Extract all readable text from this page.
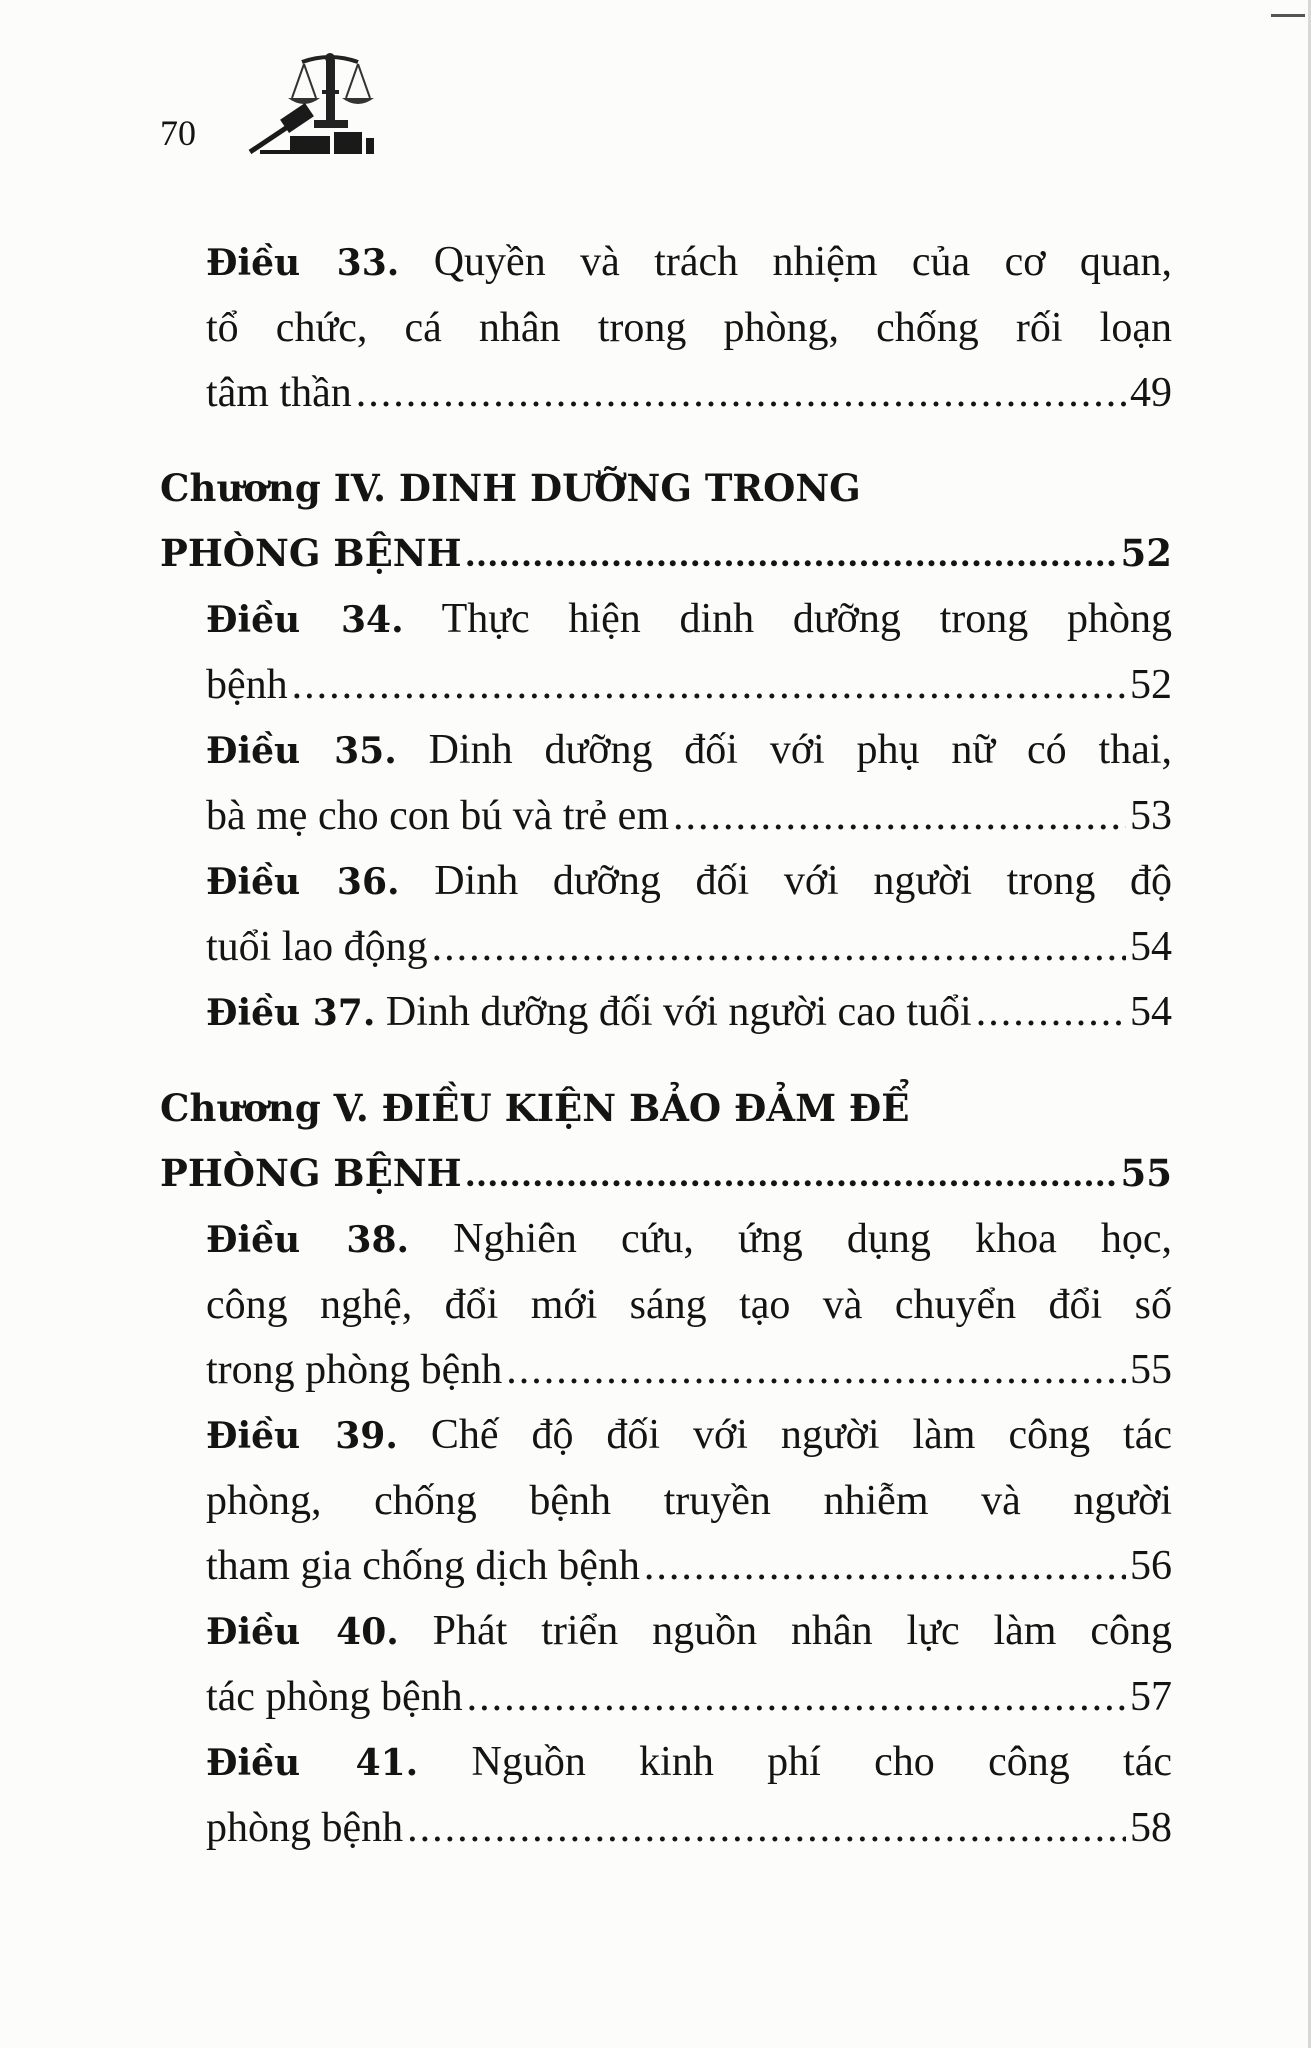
70
Điều 33. Quyền và trách nhiệm của cơ quan,
tổ chức, cá nhân trong phòng, chống rối loạn
tâm thần .....	49
Chương IV. DINH DƯỠNG TRONG
PHÒNG BỆNH .....	52
Điều 34. Thực hiện dinh dưỡng trong phòng
bệnh .....	52
Điều 35. Dinh dưỡng đối với phụ nữ có thai,
bà mẹ cho con bú và trẻ em .....	53
Điều 36. Dinh dưỡng đối với người trong độ
tuổi lao động .....	54
Điều 37. Dinh dưỡng đối với người cao tuổi .....	54
Chương V. ĐIỀU KIỆN BẢO ĐẢM ĐỂ
PHÒNG BỆNH .....	55
Điều 38. Nghiên cứu, ứng dụng khoa học,
công nghệ, đổi mới sáng tạo và chuyển đổi số
trong phòng bệnh .....	55
Điều 39. Chế độ đối với người làm công tác
phòng, chống bệnh truyền nhiễm và người
tham gia chống dịch bệnh .....	56
Điều 40. Phát triển nguồn nhân lực làm công
tác phòng bệnh .....	57
Điều 41. Nguồn kinh phí cho công tác
phòng bệnh .....	58
